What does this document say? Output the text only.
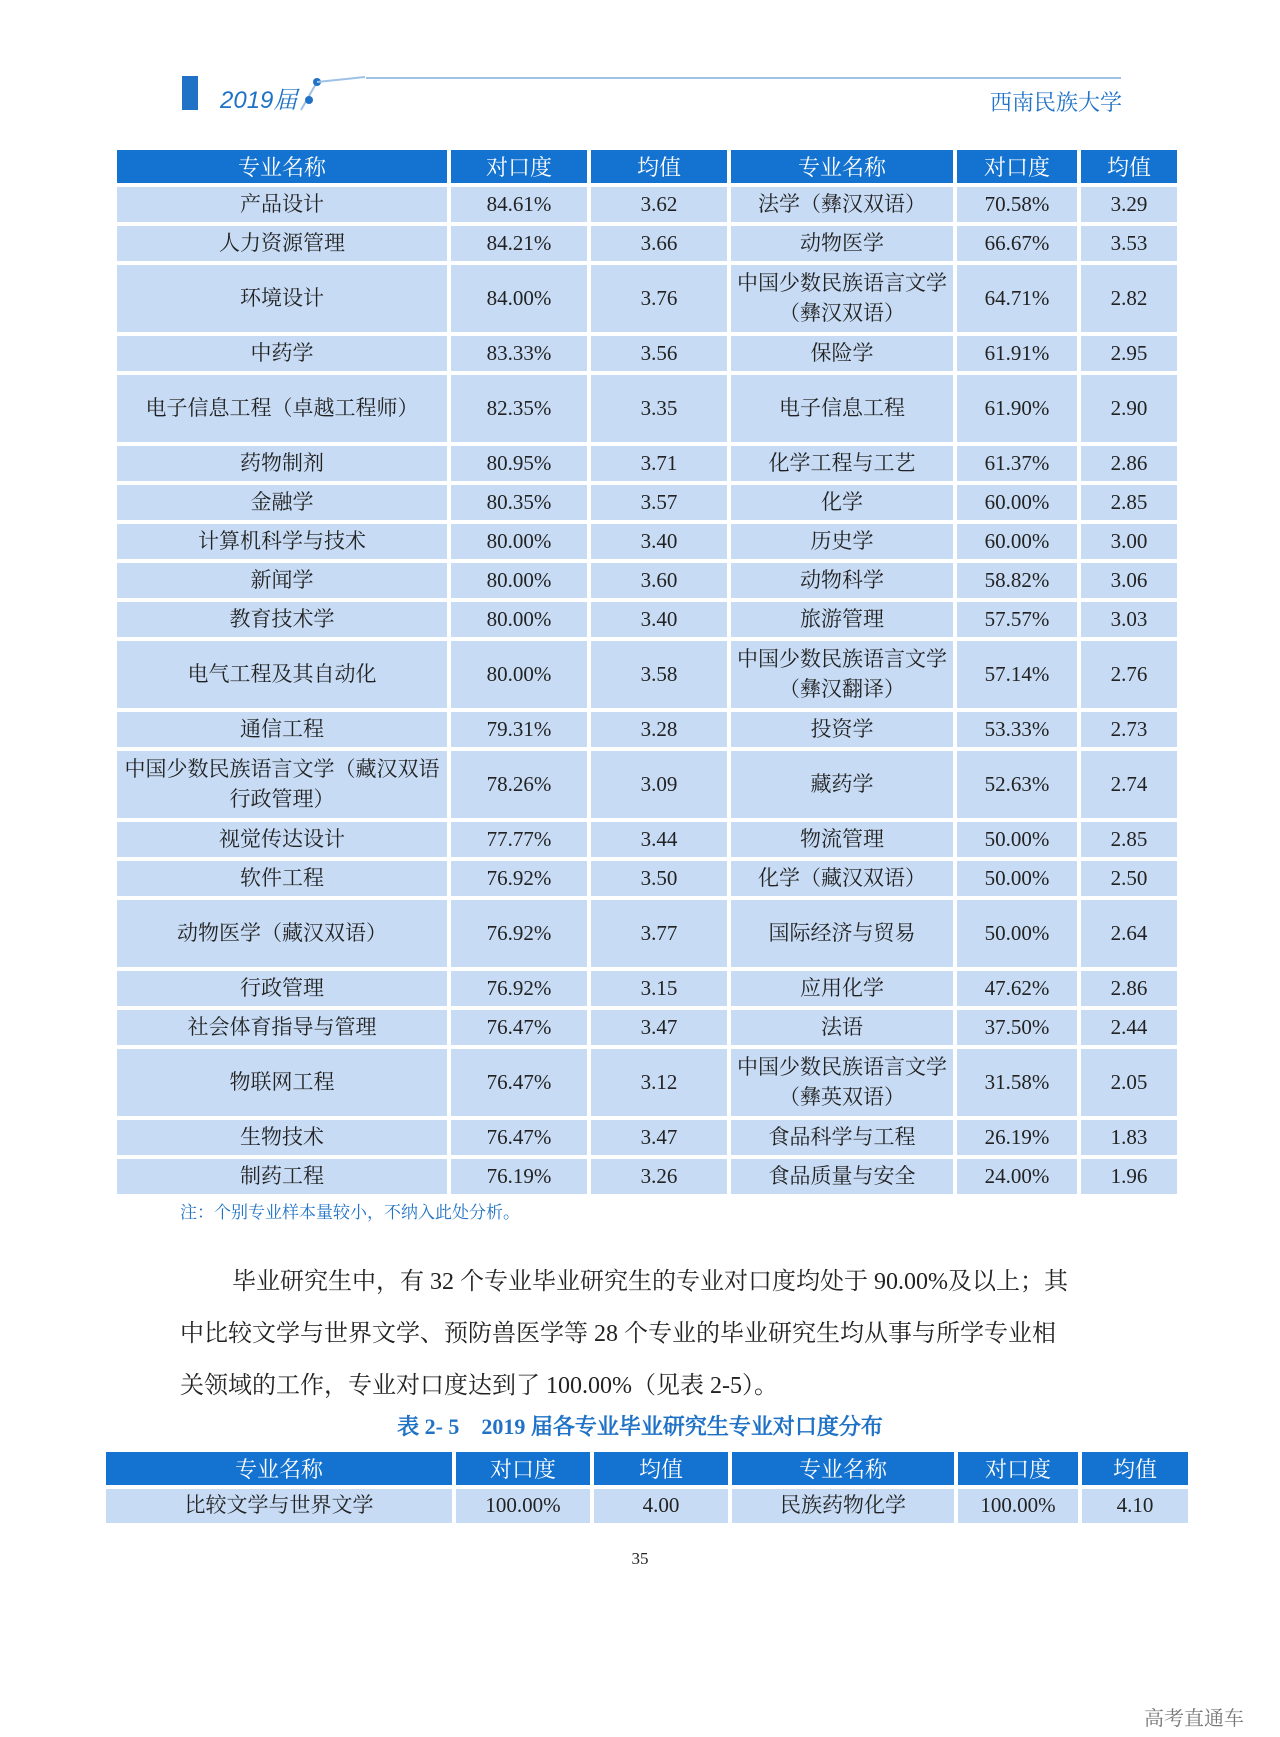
2019届	西南民族大学
专业名称	对口度	均值	专业名称	对口度	均值
产品设计	84.61%	3.62	法学（彝汉双语）	70.58%	3.29
人力资源管理	84.21%	3.66	动物医学	66.67%	3.53
环境设计	84.00%	3.76	中国少数民族语言文学（彝汉双语）	64.71%	2.82
中药学	83.33%	3.56	保险学	61.91%	2.95
电子信息工程（卓越工程师）	82.35%	3.35	电子信息工程	61.90%	2.90
药物制剂	80.95%	3.71	化学工程与工艺	61.37%	2.86
金融学	80.35%	3.57	化学	60.00%	2.85
计算机科学与技术	80.00%	3.40	历史学	60.00%	3.00
新闻学	80.00%	3.60	动物科学	58.82%	3.06
教育技术学	80.00%	3.40	旅游管理	57.57%	3.03
电气工程及其自动化	80.00%	3.58	中国少数民族语言文学（彝汉翻译）	57.14%	2.76
通信工程	79.31%	3.28	投资学	53.33%	2.73
中国少数民族语言文学（藏汉双语行政管理）	78.26%	3.09	藏药学	52.63%	2.74
视觉传达设计	77.77%	3.44	物流管理	50.00%	2.85
软件工程	76.92%	3.50	化学（藏汉双语）	50.00%	2.50
动物医学（藏汉双语）	76.92%	3.77	国际经济与贸易	50.00%	2.64
行政管理	76.92%	3.15	应用化学	47.62%	2.86
社会体育指导与管理	76.47%	3.47	法语	37.50%	2.44
物联网工程	76.47%	3.12	中国少数民族语言文学（彝英双语）	31.58%	2.05
生物技术	76.47%	3.47	食品科学与工程	26.19%	1.83
制药工程	76.19%	3.26	食品质量与安全	24.00%	1.96
注：个别专业样本量较小，不纳入此处分析。

毕业研究生中，有 32 个专业毕业研究生的专业对口度均处于 90.00%及以上；其

中比较文学与世界文学、预防兽医学等 28 个专业的毕业研究生均从事与所学专业相

关领域的工作，专业对口度达到了 100.00%（见表 2-5）。

表 2- 5　2019 届各专业毕业研究生专业对口度分布
专业名称	对口度	均值	专业名称	对口度	均值
比较文学与世界文学	100.00%	4.00	民族药物化学	100.00%	4.10
35
高考直通车
